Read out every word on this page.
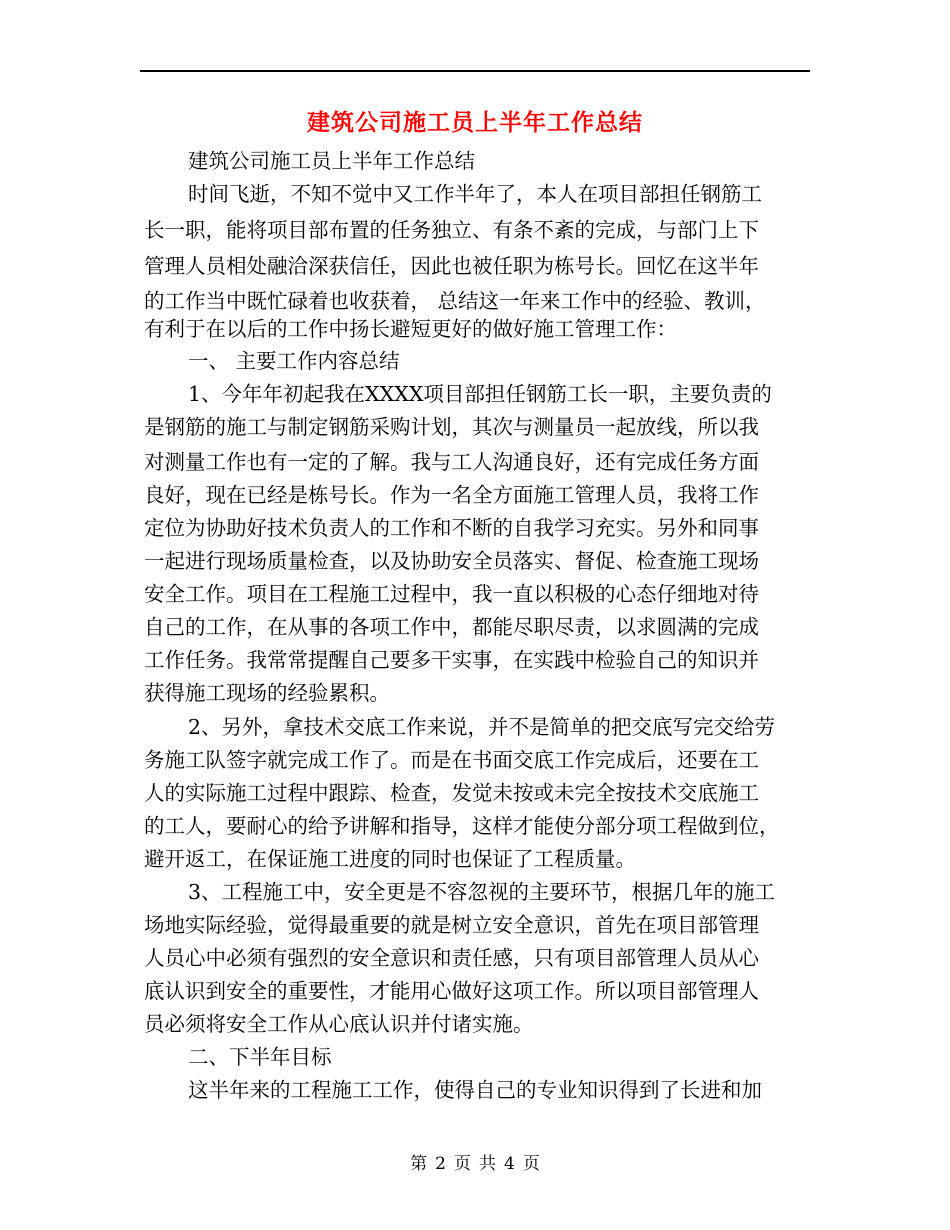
建筑公司施工员上半年工作总结
建筑公司施工员上半年工作总结
时间飞逝，不知不觉中又工作半年了，本人在项目部担任钢筋工
长一职，能将项目部布置的任务独立、有条不紊的完成，与部门上下
管理人员相处融洽深获信任，因此也被任职为栋号长。回忆在这半年
的工作当中既忙碌着也收获着， 总结这一年来工作中的经验、教训，
有利于在以后的工作中扬长避短更好的做好施工管理工作：
一、 主要工作内容总结
1、今年年初起我在XXXX项目部担任钢筋工长一职，主要负责的
是钢筋的施工与制定钢筋采购计划，其次与测量员一起放线，所以我
对测量工作也有一定的了解。我与工人沟通良好，还有完成任务方面
良好，现在已经是栋号长。作为一名全方面施工管理人员，我将工作
定位为协助好技术负责人的工作和不断的自我学习充实。另外和同事
一起进行现场质量检查，以及协助安全员落实、督促、检查施工现场
安全工作。项目在工程施工过程中，我一直以积极的心态仔细地对待
自己的工作，在从事的各项工作中，都能尽职尽责，以求圆满的完成
工作任务。我常常提醒自己要多干实事，在实践中检验自己的知识并
获得施工现场的经验累积。
2、另外，拿技术交底工作来说，并不是简单的把交底写完交给劳
务施工队签字就完成工作了。而是在书面交底工作完成后，还要在工
人的实际施工过程中跟踪、检查，发觉未按或未完全按技术交底施工
的工人，要耐心的给予讲解和指导，这样才能使分部分项工程做到位，
避开返工，在保证施工进度的同时也保证了工程质量。
3、工程施工中，安全更是不容忽视的主要环节，根据几年的施工
场地实际经验，觉得最重要的就是树立安全意识，首先在项目部管理
人员心中必须有强烈的安全意识和责任感，只有项目部管理人员从心
底认识到安全的重要性，才能用心做好这项工作。所以项目部管理人
员必须将安全工作从心底认识并付诸实施。
二、下半年目标
这半年来的工程施工工作，使得自己的专业知识得到了长进和加
第 2 页 共 4 页
